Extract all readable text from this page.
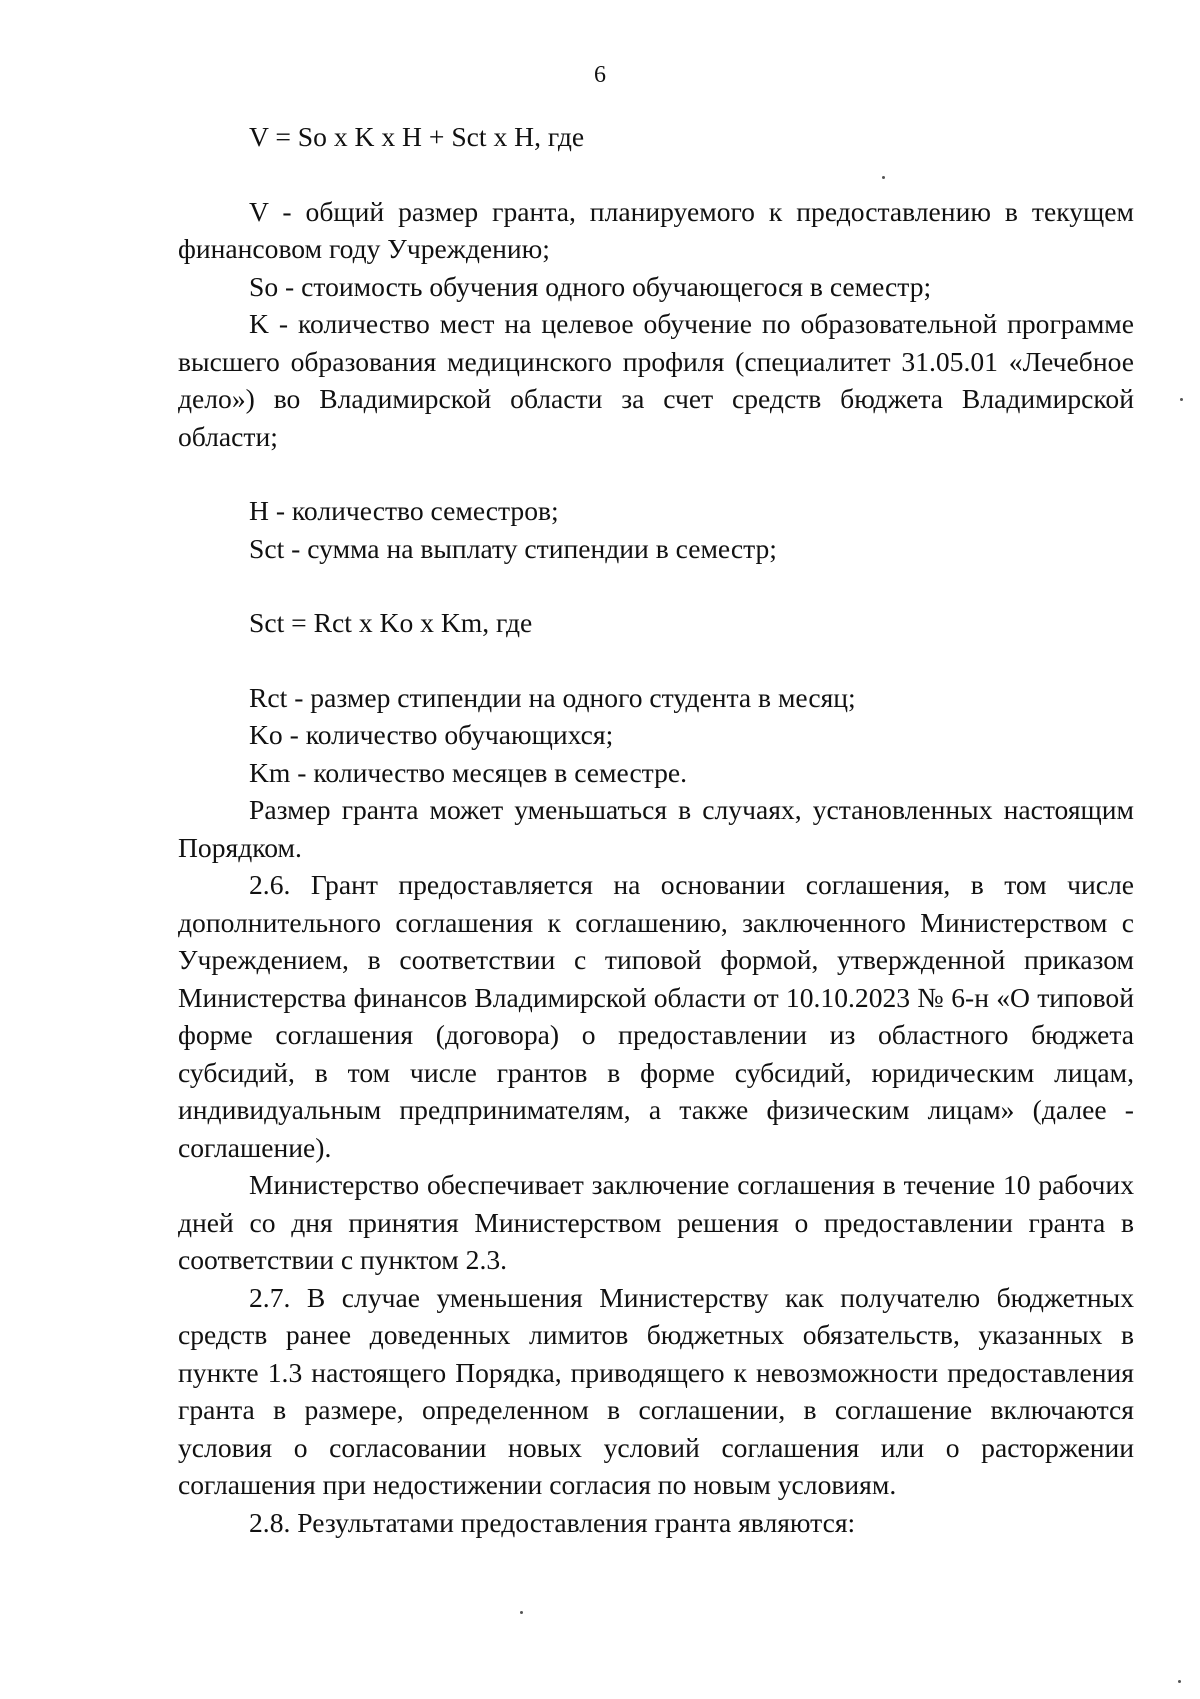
6

V = So x K x H + Sct x H, где

V - общий размер гранта, планируемого к предоставлению в текущем финансовом году Учреждению;

So - стоимость обучения одного обучающегося в семестр;

K - количество мест на целевое обучение по образовательной программе высшего образования медицинского профиля (специалитет 31.05.01 «Лечебное дело») во Владимирской области за счет средств бюджета Владимирской области;

H - количество семестров;

Sct - сумма на выплату стипендии в семестр;

Sct = Rct x Ko x Km, где

Rct - размер стипендии на одного студента в месяц;

Ko - количество обучающихся;

Km - количество месяцев в семестре.

Размер гранта может уменьшаться в случаях, установленных настоящим Порядком.

2.6. Грант предоставляется на основании соглашения, в том числе дополнительного соглашения к соглашению, заключенного Министерством с Учреждением, в соответствии с типовой формой, утвержденной приказом Министерства финансов Владимирской области от 10.10.2023 № 6-н «О типовой форме соглашения (договора) о предоставлении из областного бюджета субсидий, в том числе грантов в форме субсидий, юридическим лицам, индивидуальным предпринимателям, а также физическим лицам» (далее - соглашение).

Министерство обеспечивает заключение соглашения в течение 10 рабочих дней со дня принятия Министерством решения о предоставлении гранта в соответствии с пунктом 2.3.

2.7. В случае уменьшения Министерству как получателю бюджетных средств ранее доведенных лимитов бюджетных обязательств, указанных в пункте 1.3 настоящего Порядка, приводящего к невозможности предоставления гранта в размере, определенном в соглашении, в соглашение включаются условия о согласовании новых условий соглашения или о расторжении соглашения при недостижении согласия по новым условиям.

2.8. Результатами предоставления гранта являются:
